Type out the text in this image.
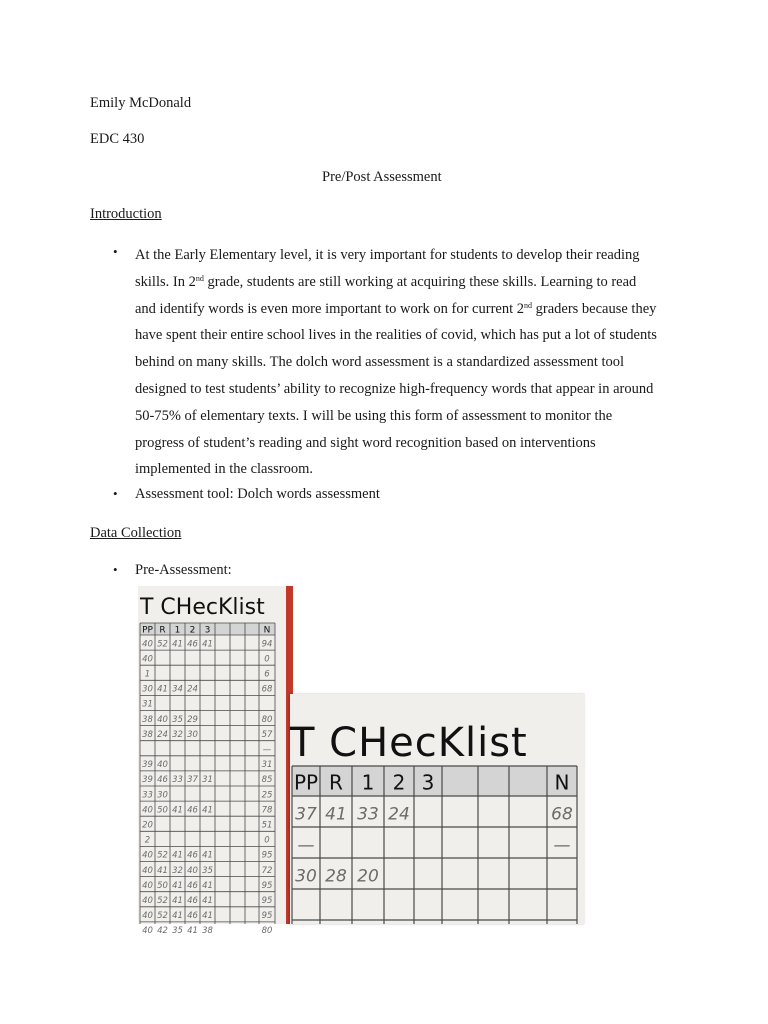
Emily McDonald
EDC 430
Pre/Post Assessment
Introduction
• At the Early Elementary level, it is very important for students to develop their reading

skills. In 2nd grade, students are still working at acquiring these skills. Learning to read

and identify words is even more important to work on for current 2nd graders because they

have spent their entire school lives in the realities of covid, which has put a lot of students

behind on many skills. The dolch word assessment is a standardized assessment tool

designed to test students’ ability to recognize high-frequency words that appear in around

50-75% of elementary texts. I will be using this form of assessment to monitor the

progress of student’s reading and sight word recognition based on interventions

implemented in the classroom.

• Assessment tool: Dolch words assessment
Data Collection
• Pre-Assessment:
T CHecKlist
PP R 1 2 3	N
40 52 41 46 41	94
40	0
1	6
30 41 34 24	68
31
38 40 35 29	80
38 24 32 30	57
—
39 40	31
39 46 33 37 31	85
33 30	25
40 50 41 46 41	78
20	51
2	0
40 52 41 46 41	95
40 41 32 40 35	72
40 50 41 46 41	95
40 52 41 46 41	95
40 52 41 46 41	95
40 42 35 41 38	80
T CHecKlist
PP R 1 2 3	N
37 41 33 24	68
—	—
30 28 20
